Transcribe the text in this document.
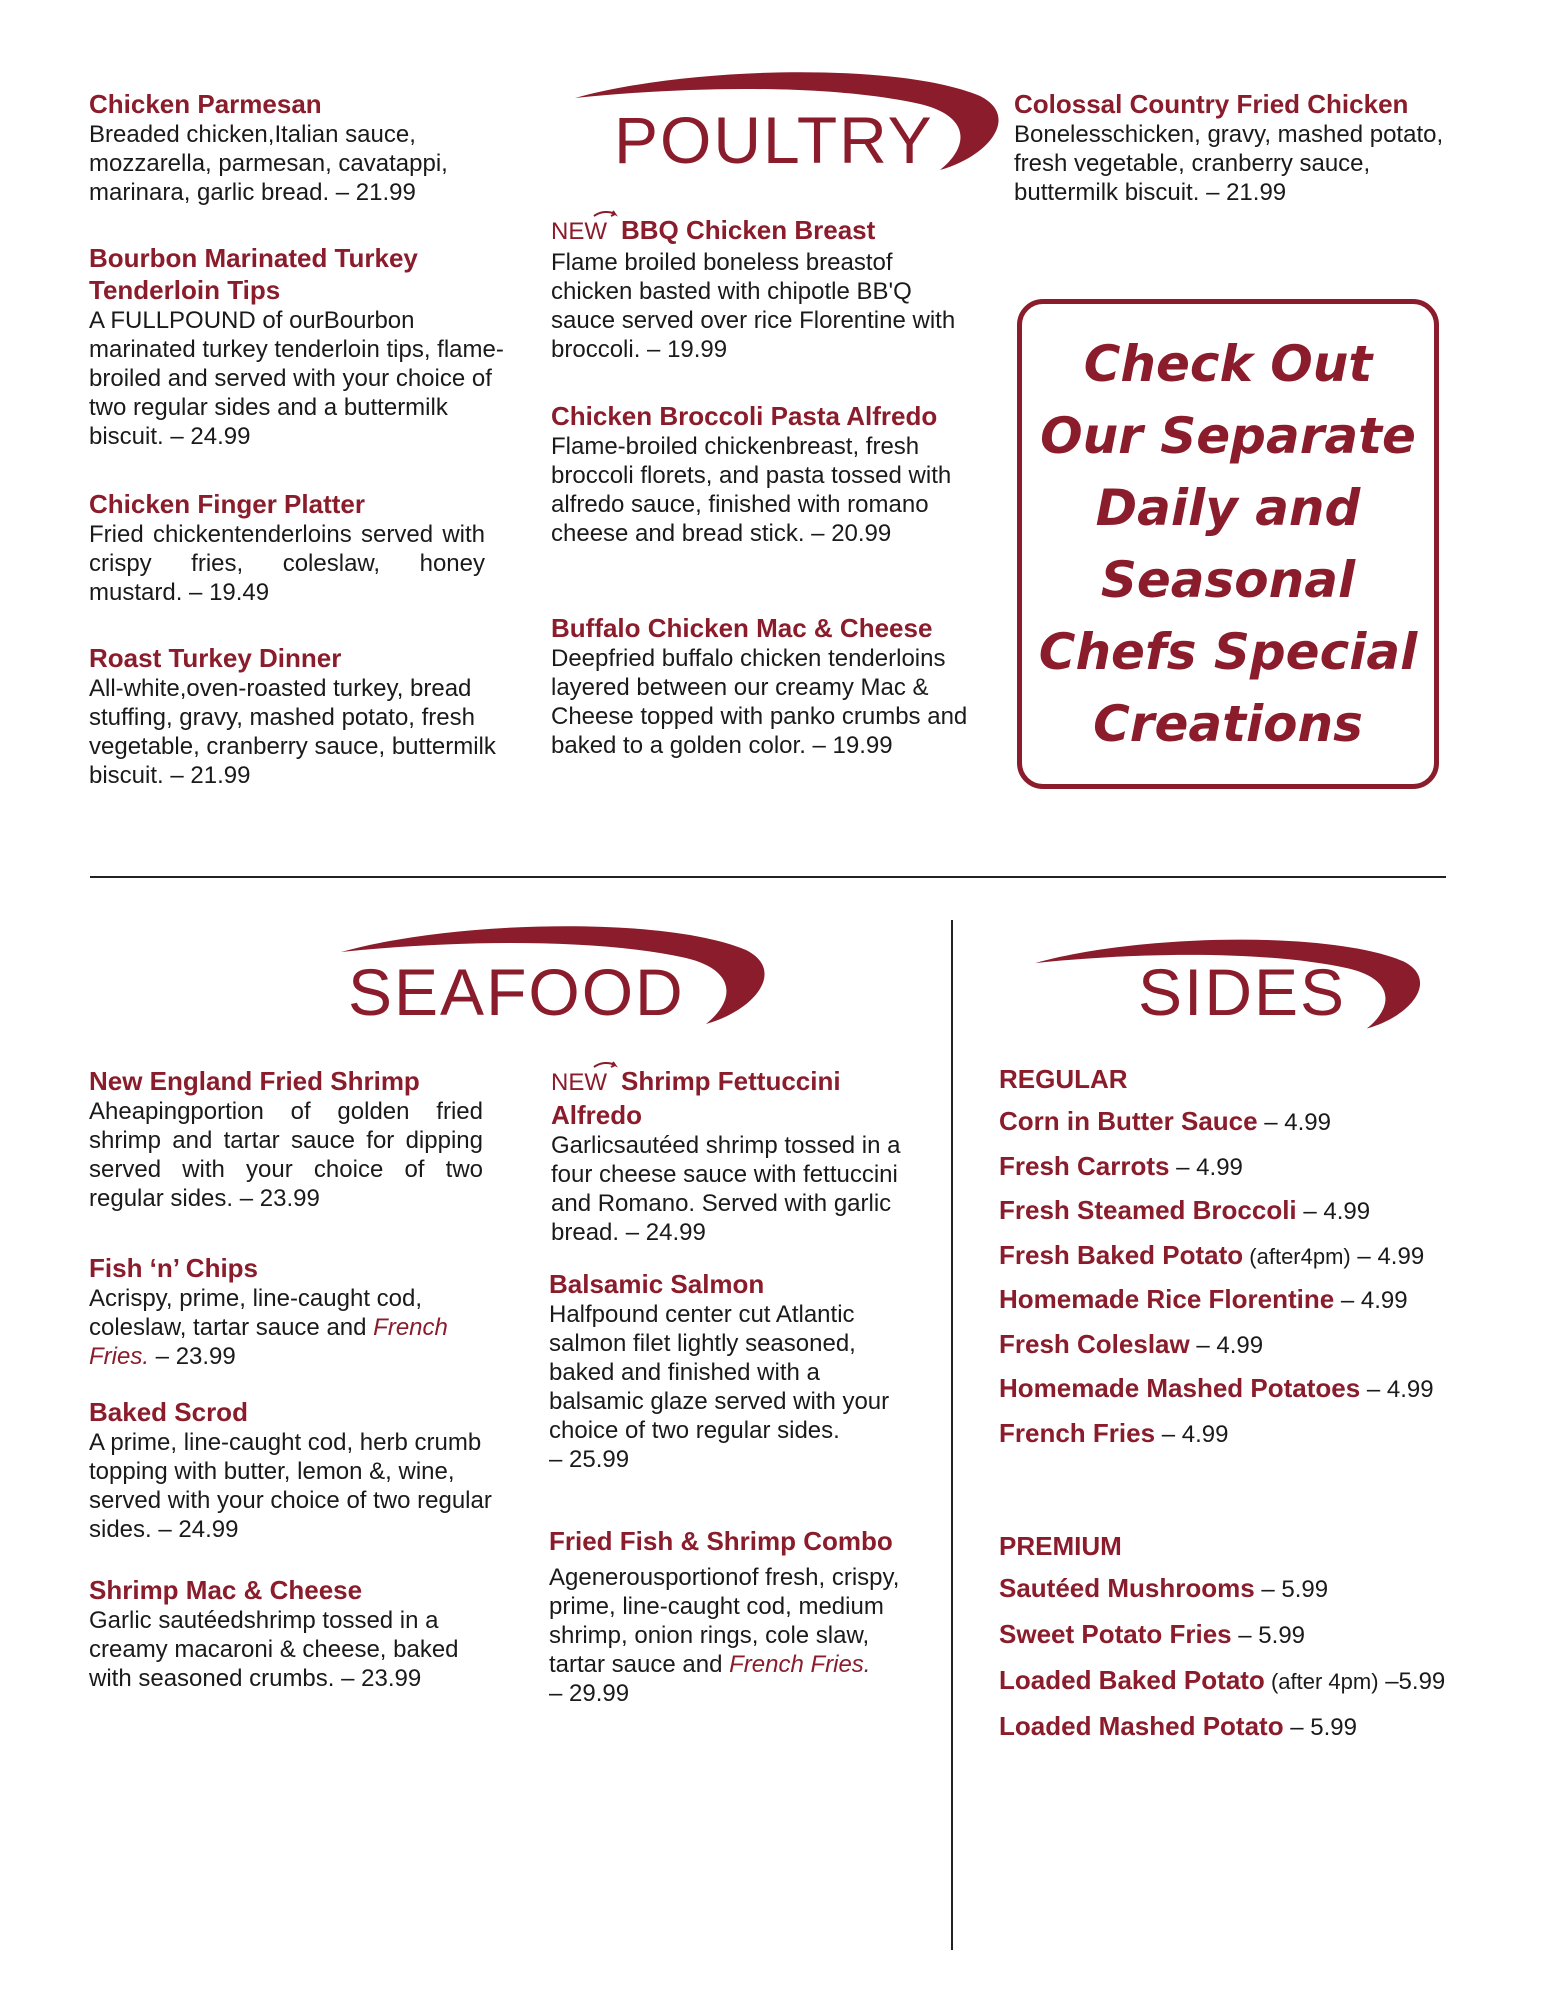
POULTRY

Chicken Parmesan

Breaded chicken,Italian sauce, mozzarella, parmesan, cavatappi, marinara, garlic bread. – 21.99

Bourbon Marinated Turkey

Tenderloin Tips

A FULLPOUND of ourBourbon marinated turkey tenderloin tips, flame-broiled and served with your choice of two regular sides and a buttermilk biscuit. – 24.99

Chicken Finger Platter

Fried chickentenderloins served with crispy fries, coleslaw, honey mustard. – 19.49

Roast Turkey Dinner

All-white,oven-roasted turkey, bread stuffing, gravy, mashed potato, fresh vegetable, cranberry sauce, buttermilk biscuit. – 21.99

NEW BBQ Chicken Breast

Flame broiled boneless breastof chicken basted with chipotle BB'Q sauce served over rice Florentine with broccoli. – 19.99

Chicken Broccoli Pasta Alfredo

Flame-broiled chickenbreast, fresh broccoli florets, and pasta tossed with alfredo sauce, finished with romano cheese and bread stick. – 20.99

Buffalo Chicken Mac & Cheese

Deepfried buffalo chicken tenderloins layered between our creamy Mac & Cheese topped with panko crumbs and baked to a golden color. – 19.99

Colossal Country Fried Chicken

Bonelesschicken, gravy, mashed potato, fresh vegetable, cranberry sauce, buttermilk biscuit. – 21.99

Check Out
Our Separate
Daily and
Seasonal
Chefs Special
Creations
SEAFOOD

New England Fried Shrimp

Aheapingportion of golden fried shrimp and tartar sauce for dipping served with your choice of two regular sides. – 23.99

Fish ‘n’ Chips

Acrispy, prime, line-caught cod, coleslaw, tartar sauce and French Fries. – 23.99

Baked Scrod

A prime, line-caught cod, herb crumb topping with butter, lemon &, wine, served with your choice of two regular sides. – 24.99

Shrimp Mac & Cheese

Garlic sautéedshrimp tossed in a creamy macaroni & cheese, baked with seasoned crumbs. – 23.99

NEW Shrimp Fettuccini

Alfredo

Garlicsautéed shrimp tossed in a four cheese sauce with fettuccini and Romano. Served with garlic bread. – 24.99

Balsamic Salmon

Halfpound center cut Atlantic salmon filet lightly seasoned, baked and finished with a balsamic glaze served with your choice of two regular sides. – 25.99

Fried Fish & Shrimp Combo

Agenerousportionof fresh, crispy, prime, line-caught cod, medium shrimp, onion rings, cole slaw, tartar sauce and French Fries. – 29.99

SIDES
REGULAR
Corn in Butter Sauce – 4.99
Fresh Carrots – 4.99
Fresh Steamed Broccoli – 4.99
Fresh Baked Potato (after4pm) – 4.99
Homemade Rice Florentine – 4.99
Fresh Coleslaw – 4.99
Homemade Mashed Potatoes – 4.99
French Fries – 4.99
PREMIUM
Sautéed Mushrooms – 5.99
Sweet Potato Fries – 5.99
Loaded Baked Potato (after 4pm) –5.99
Loaded Mashed Potato – 5.99
